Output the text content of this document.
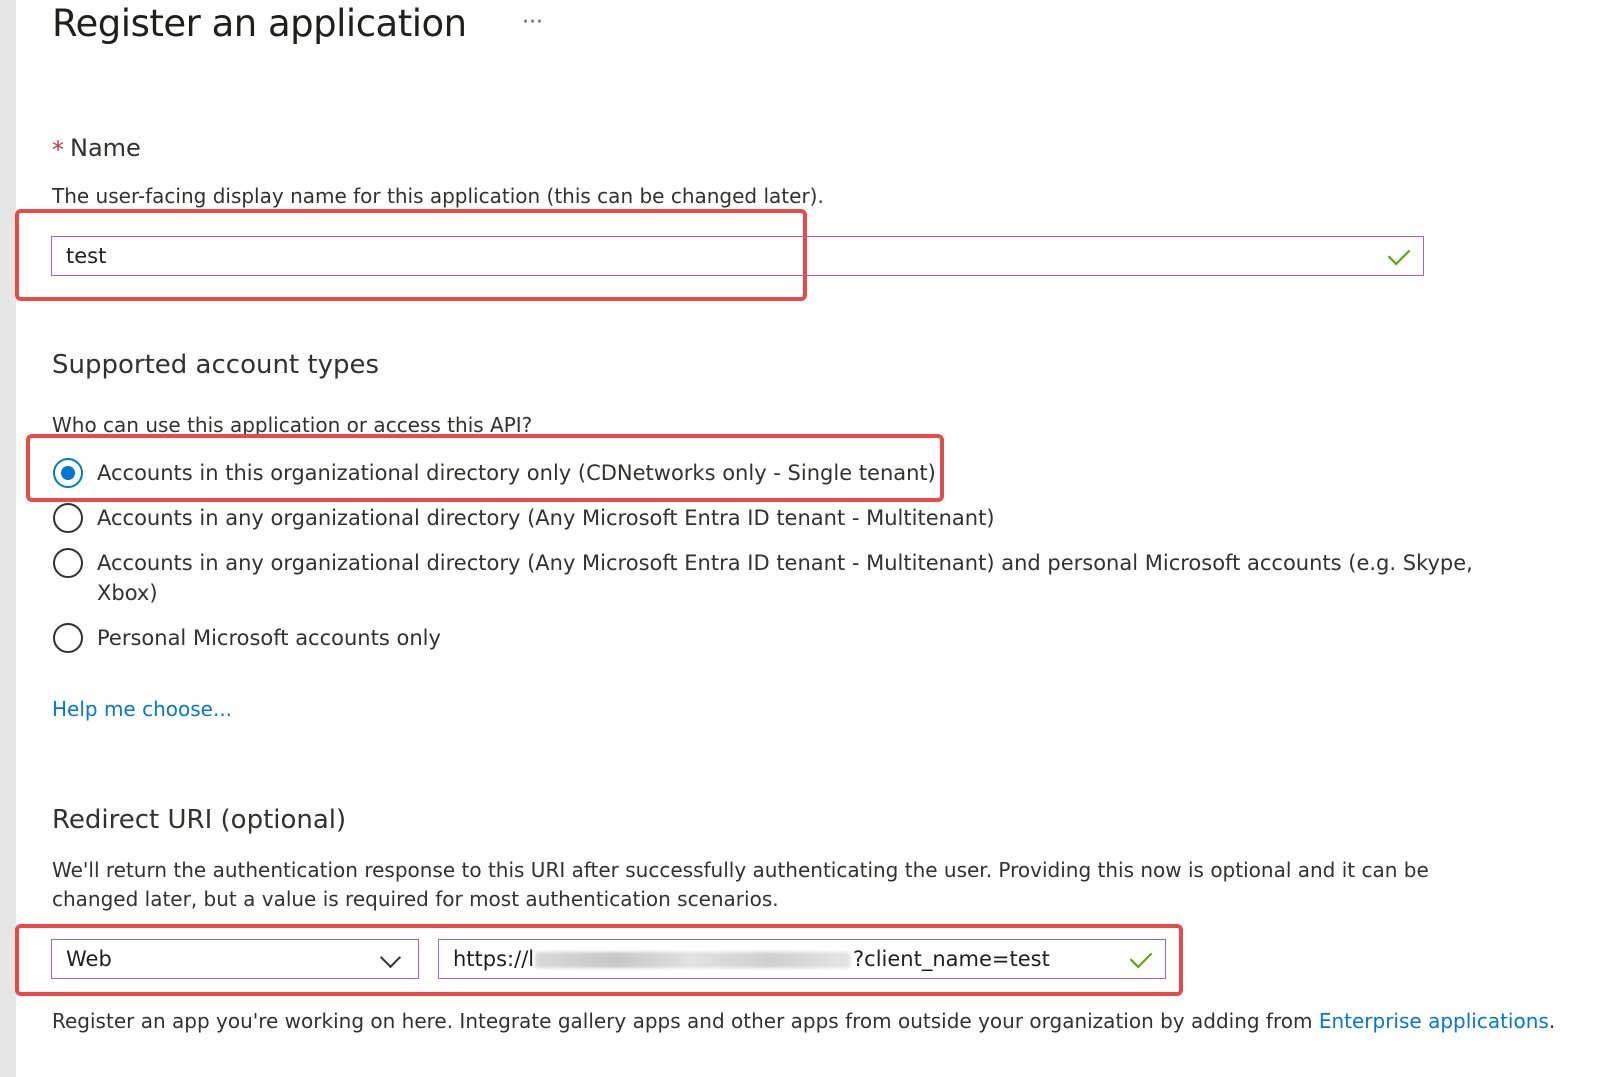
Register an application	···
* Name
The user-facing display name for this application (this can be changed later).
test
Supported account types
Who can use this application or access this API?
Accounts in this organizational directory only (CDNetworks only - Single tenant)
Accounts in any organizational directory (Any Microsoft Entra ID tenant - Multitenant)
Accounts in any organizational directory (Any Microsoft Entra ID tenant - Multitenant) and personal Microsoft accounts (e.g. Skype,
Xbox)
Personal Microsoft accounts only
Help me choose...
Redirect URI (optional)
We'll return the authentication response to this URI after successfully authenticating the user. Providing this now is optional and it can be
changed later, but a value is required for most authentication scenarios.
Web	https://l	?client_name=test
Register an app you're working on here. Integrate gallery apps and other apps from outside your organization by adding from Enterprise applications.
